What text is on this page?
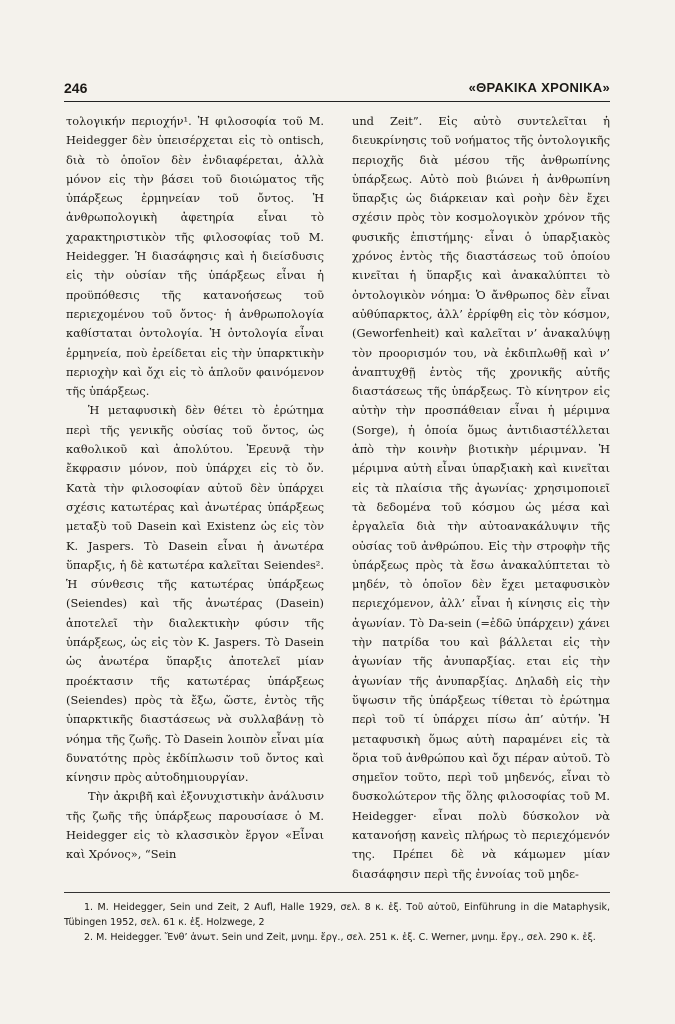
246	«ΘΡΑΚΙΚΑ ΧΡΟΝΙΚΑ»

τολογικήν περιοχήν¹. Ἡ φιλοσοφία τοῦ M. Heidegger δὲν ὑπεισέρχεται εἰς τὸ ontisch, διὰ τὸ ὁποῖον δὲν ἐνδιαφέρεται, ἀλλὰ μόνον εἰς τὴν βάσει τοῦ διοιώματος τῆς ὑπάρξεως ἑρμηνείαν τοῦ ὄντος. Ἡ ἀνθρωπολογικὴ ἀφετηρία εἶναι τὸ χαρακτηριστικὸν τῆς φιλοσοφίας τοῦ M. Heidegger. Ἡ διασάφησις καὶ ἡ διείσδυσις εἰς τὴν οὐσίαν τῆς ὑπάρξεως εἶναι ἡ προϋπόθεσις τῆς κατανοήσεως τοῦ περιεχομένου τοῦ ὄντος· ἡ ἀνθρωπολογία καθίσταται ὀντολογία. Ἡ ὀντολογία εἶναι ἑρμηνεία, ποὺ ἐρείδεται εἰς τὴν ὑπαρκτικὴν περιοχὴν καὶ ὄχι εἰς τὸ ἁπλοῦν φαινόμενον τῆς ὑπάρξεως.

Ἡ μεταφυσικὴ δὲν θέτει τὸ ἐρώτημα περὶ τῆς γενικῆς οὐσίας τοῦ ὄντος, ὡς καθολικοῦ καὶ ἀπολύτου. Ἐρευνᾷ τὴν ἔκφρασιν μόνον, ποὺ ὑπάρχει εἰς τὸ ὄν. Κατὰ τὴν φιλοσοφίαν αὐτοῦ δὲν ὑπάρχει σχέσις κατωτέρας καὶ ἀνωτέρας ὑπάρξεως μεταξὺ τοῦ Dasein καὶ Existenz ὡς εἰς τὸν K. Jaspers. Τὸ Dasein εἶναι ἡ ἀνωτέρα ὕπαρξις, ἡ δὲ κατωτέρα καλεῖται Seiendes². Ἡ σύνθεσις τῆς κατωτέρας ὑπάρξεως (Seiendes) καὶ τῆς ἀνωτέρας (Dasein) ἀποτελεῖ τὴν διαλεκτικὴν φύσιν τῆς ὑπάρξεως, ὡς εἰς τὸν K. Jaspers. Τὸ Dasein ὡς ἀνωτέρα ὕπαρξις ἀποτελεῖ μίαν προέκτασιν τῆς κατωτέρας ὑπάρξεως (Seiendes) πρὸς τὰ ἔξω, ὥστε, ἐντὸς τῆς ὑπαρκτικῆς διαστάσεως νὰ συλλαβάνῃ τὸ νόημα τῆς ζωῆς. Τὸ Dasein λοιπὸν εἶναι μία δυνατότης πρὸς ἐκδίπλωσιν τοῦ ὄντος καὶ κίνησιν πρὸς αὐτοδημιουργίαν.

Τὴν ἀκριβῆ καὶ ἐξονυχιστικὴν ἀνάλυσιν τῆς ζωῆς τῆς ὑπάρξεως παρουσίασε ὁ M. Heidegger εἰς τὸ κλασσικὸν ἔργον «Εἶναι καὶ Χρόνος», “Sein

und Zeit”. Εἰς αὐτὸ συντελεῖται ἡ διευκρίνησις τοῦ νοήματος τῆς ὀντολογικῆς περιοχῆς διὰ μέσου τῆς ἀνθρωπίνης ὑπάρξεως. Αὐτὸ ποὺ βιώνει ἡ ἀνθρωπίνη ὕπαρξις ὡς διάρκειαν καὶ ροὴν δὲν ἔχει σχέσιν πρὸς τὸν κοσμολογικὸν χρόνον τῆς φυσικῆς ἐπιστήμης· εἶναι ὁ ὑπαρξιακὸς χρόνος ἐντὸς τῆς διαστάσεως τοῦ ὁποίου κινεῖται ἡ ὕπαρξις καὶ ἀνακαλύπτει τὸ ὀντολογικὸν νόημα: Ὁ ἄνθρωπος δὲν εἶναι αὐθύπαρκτος, ἀλλ’ ἐρρίφθη εἰς τὸν κόσμον, (Geworfenheit) καὶ καλεῖται ν’ ἀνακαλύψῃ τὸν προορισμόν του, νὰ ἐκδιπλωθῇ καὶ ν’ ἀναπτυχθῇ ἐντὸς τῆς χρονικῆς αὐτῆς διαστάσεως τῆς ὑπάρξεως. Τὸ κίνητρον εἰς αὐτὴν τὴν προσπάθειαν εἶναι ἡ μέριμνα (Sorge), ἡ ὁποία ὅμως ἀντιδιαστέλλεται ἀπὸ τὴν κοινὴν βιοτικὴν μέριμναν. Ἡ μέριμνα αὐτὴ εἶναι ὑπαρξιακὴ καὶ κινεῖται εἰς τὰ πλαίσια τῆς ἀγωνίας· χρησιμοποιεῖ τὰ δεδομένα τοῦ κόσμου ὡς μέσα καὶ ἐργαλεῖα διὰ τὴν αὐτοανακάλυψιν τῆς οὐσίας τοῦ ἀνθρώπου. Εἰς τὴν στροφὴν τῆς ὑπάρξεως πρὸς τὰ ἔσω ἀνακαλύπτεται τὸ μηδέν, τὸ ὁποῖον δὲν ἔχει μεταφυσικὸν περιεχόμενον, ἀλλ’ εἶναι ἡ κίνησις εἰς τὴν ἀγωνίαν. Τὸ Da-sein (=ἐδῶ ὑπάρχειν) χάνει τὴν πατρίδα του καὶ βάλλεται εἰς τὴν ἀγωνίαν τῆς ἀνυπαρξίας. εται εἰς τὴν ἀγωνίαν τῆς ἀνυπαρξίας. Δηλαδὴ εἰς τὴν ὕψωσιν τῆς ὑπάρξεως τίθεται τὸ ἐρώτημα περὶ τοῦ τί ὑπάρχει πίσω ἀπ’ αὐτήν. Ἡ μεταφυσικὴ ὅμως αὐτὴ παραμένει εἰς τὰ ὅρια τοῦ ἀνθρώπου καὶ ὄχι πέραν αὐτοῦ. Τὸ σημεῖον τοῦτο, περὶ τοῦ μηδενός, εἶναι τὸ δυσκολώτερον τῆς ὅλης φιλοσοφίας τοῦ M. Heidegger· εἶναι πολὺ δύσκολον νὰ κατανοήσῃ κανεὶς πλήρως τὸ περιεχόμενόν της. Πρέπει δὲ νὰ κάμωμεν μίαν διασάφησιν περὶ τῆς ἐννοίας τοῦ μηδε-

1. M. Heidegger, Sein und Zeit, 2 Aufl, Halle 1929, σελ. 8 κ. ἑξ. Τοῦ αὐτοῦ, Einführung in die Mataphysik, Tübingen 1952, σελ. 61 κ. ἑξ. Holzwege, 2

2. M. Heidegger. Ἔνθ’ ἀνωτ. Sein und Zeit, μνημ. ἔργ., σελ. 251 κ. ἑξ. C. Werner, μνημ. ἔργ., σελ. 290 κ. ἑξ.
